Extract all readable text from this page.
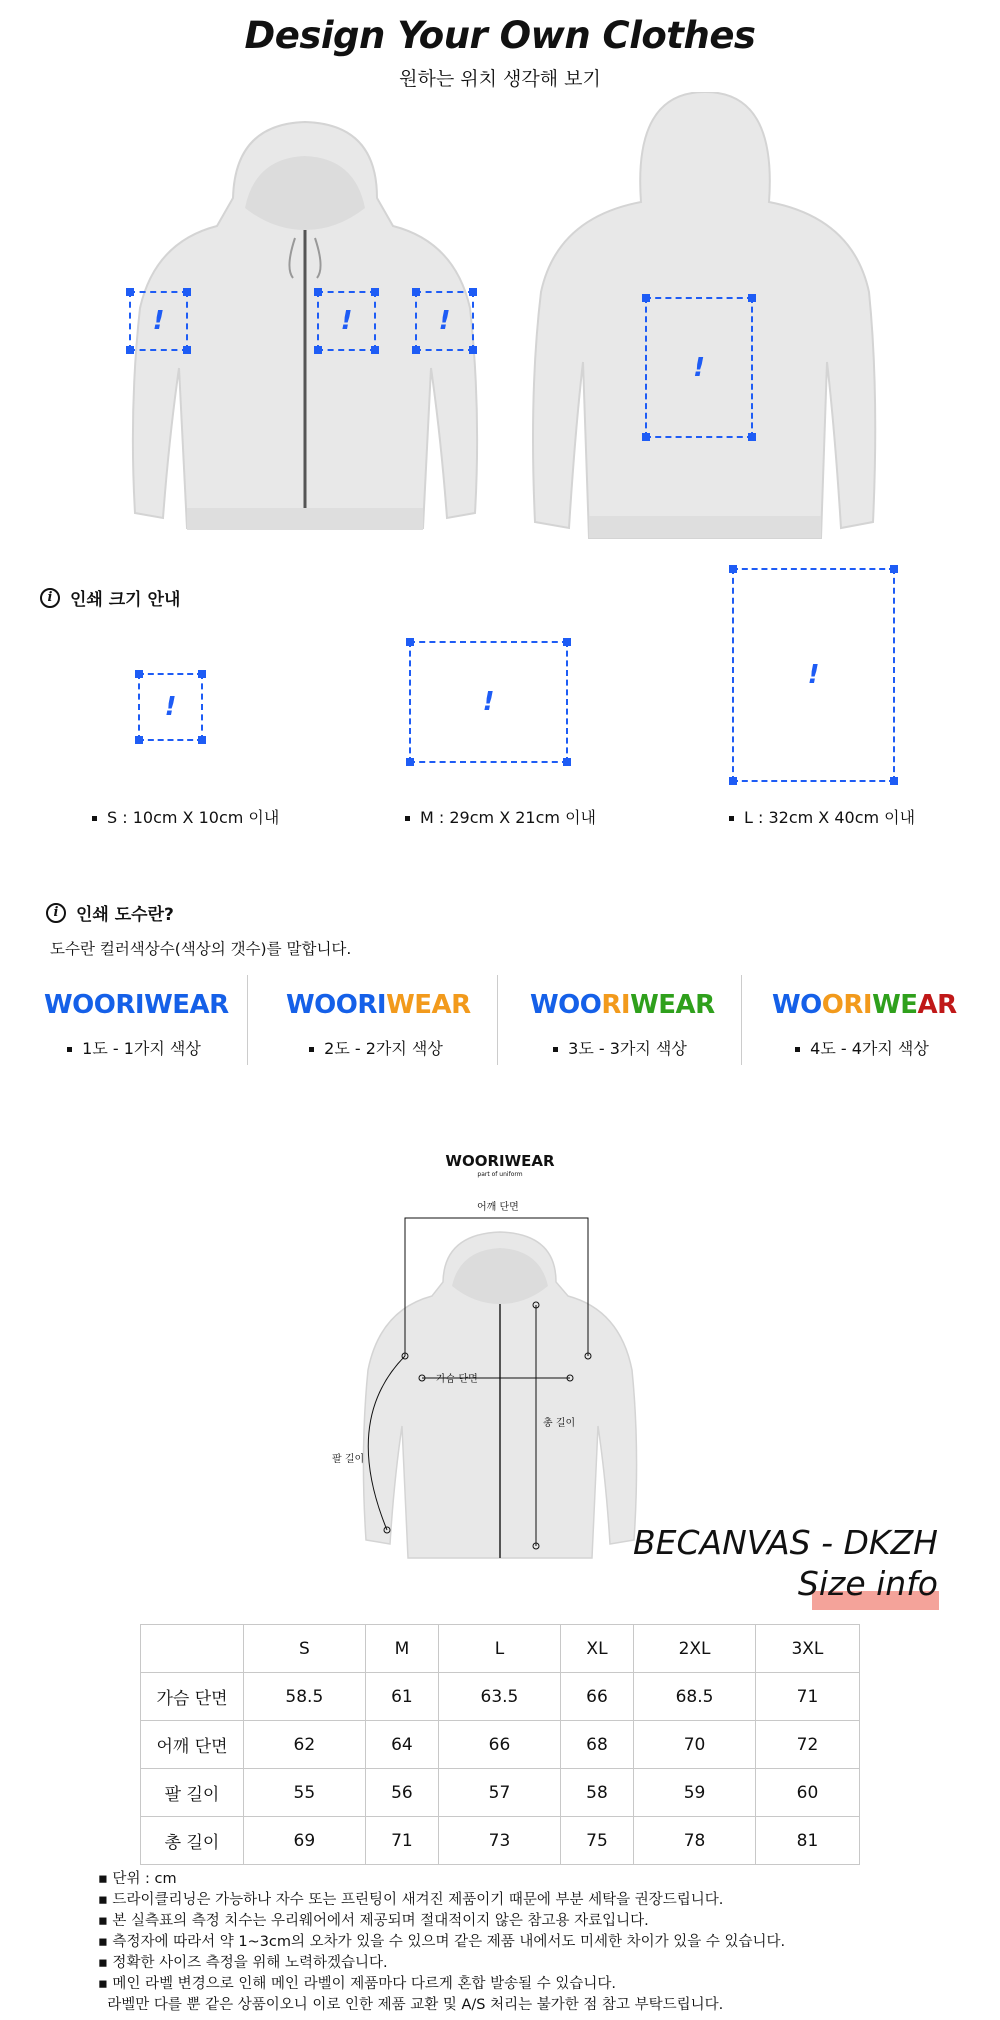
Design Your Own Clothes
원하는 위치 생각해 보기
!	!	!
!
i	인쇄 크기 안내
!	!
!
S : 10cm X 10cm 이내	M : 29cm X 21cm 이내	L : 32cm X 40cm 이내
i	인쇄 도수란?
도수란 컬러색상수(색상의 갯수)를 말합니다.
WOORIWEAR WOORIWEAR WOORIWEAR WOORIWEAR
1도 - 1가지 색상	2도 - 2가지 색상	3도 - 3가지 색상	4도 - 4가지 색상
WOORIWEAR
part of uniform
어깨 단면
가슴 단면
총 길이
팔 길이
BECANVAS - DKZH
Size info
	S	M	L	XL	2XL	3XL
가슴 단면	58.5	61	63.5	66	68.5	71
어깨 단면	62	64	66	68	70	72
팔 길이	55	56	57	58	59	60
총 길이	69	71	73	75	78	81
▪ 단위 : cm
▪ 드라이클리닝은 가능하나 자수 또는 프린팅이 새겨진 제품이기 때문에 부분 세탁을 권장드립니다.
▪ 본 실측표의 측정 치수는 우리웨어에서 제공되며 절대적이지 않은 참고용 자료입니다.
▪ 측정자에 따라서 약 1~3cm의 오차가 있을 수 있으며 같은 제품 내에서도 미세한 차이가 있을 수 있습니다.
▪ 정확한 사이즈 측정을 위해 노력하겠습니다.
▪ 메인 라벨 변경으로 인해 메인 라벨이 제품마다 다르게 혼합 발송될 수 있습니다.
라벨만 다를 뿐 같은 상품이오니 이로 인한 제품 교환 및 A/S 처리는 불가한 점 참고 부탁드립니다.
